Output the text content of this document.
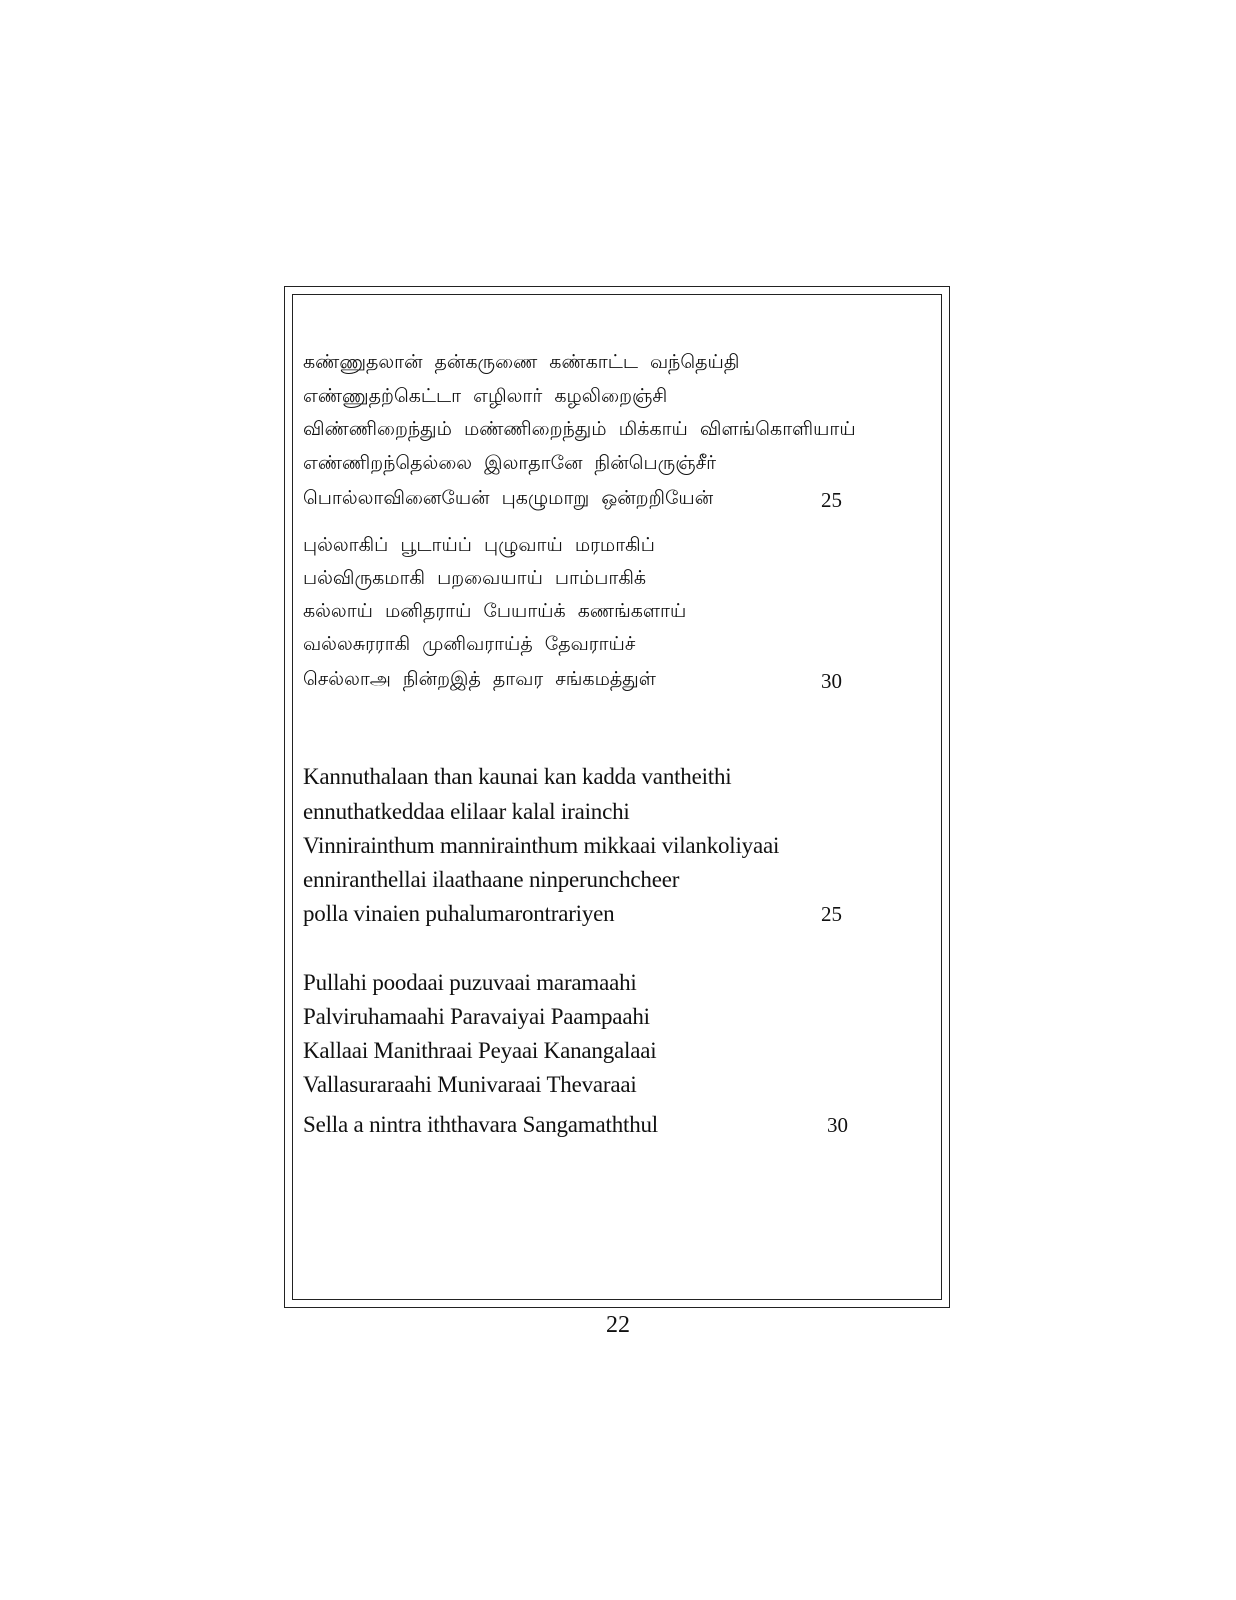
கண்ணுதலான் தன்கருணை கண்காட்ட வந்தெய்தி
எண்ணுதற்கெட்டா எழிலார் கழலிறைஞ்சி
விண்ணிறைந்தும் மண்ணிறைந்தும் மிக்காய் விளங்கொளியாய்
எண்ணிறந்தெல்லை இலாதானே நின்பெருஞ்சீர்
பொல்லாவினையேன் புகழுமாறு ஒன்றறியேன்	25
புல்லாகிப் பூடாய்ப் புழுவாய் மரமாகிப்
பல்விருகமாகி பறவையாய் பாம்பாகிக்
கல்லாய் மனிதராய் பேயாய்க் கணங்களாய்
வல்லசுரராகி முனிவராய்த் தேவராய்ச்
செல்லாஅ நின்றஇத் தாவர சங்கமத்துள்	30
Kannuthalaan than kaunai kan kadda vantheithi
ennuthatkeddaa elilaar kalal irainchi
Vinnirainthum mannirainthum mikkaai vilankoliyaai
enniranthellai ilaathaane ninperunchcheer
polla vinaien puhalumarontrariyen	25
Pullahi poodaai puzuvaai maramaahi
Palviruhamaahi Paravaiyai Paampaahi
Kallaai Manithraai Peyaai Kanangalaai
Vallasuraraahi Munivaraai Thevaraai
Sella a nintra iththavara Sangamaththul	30
22
